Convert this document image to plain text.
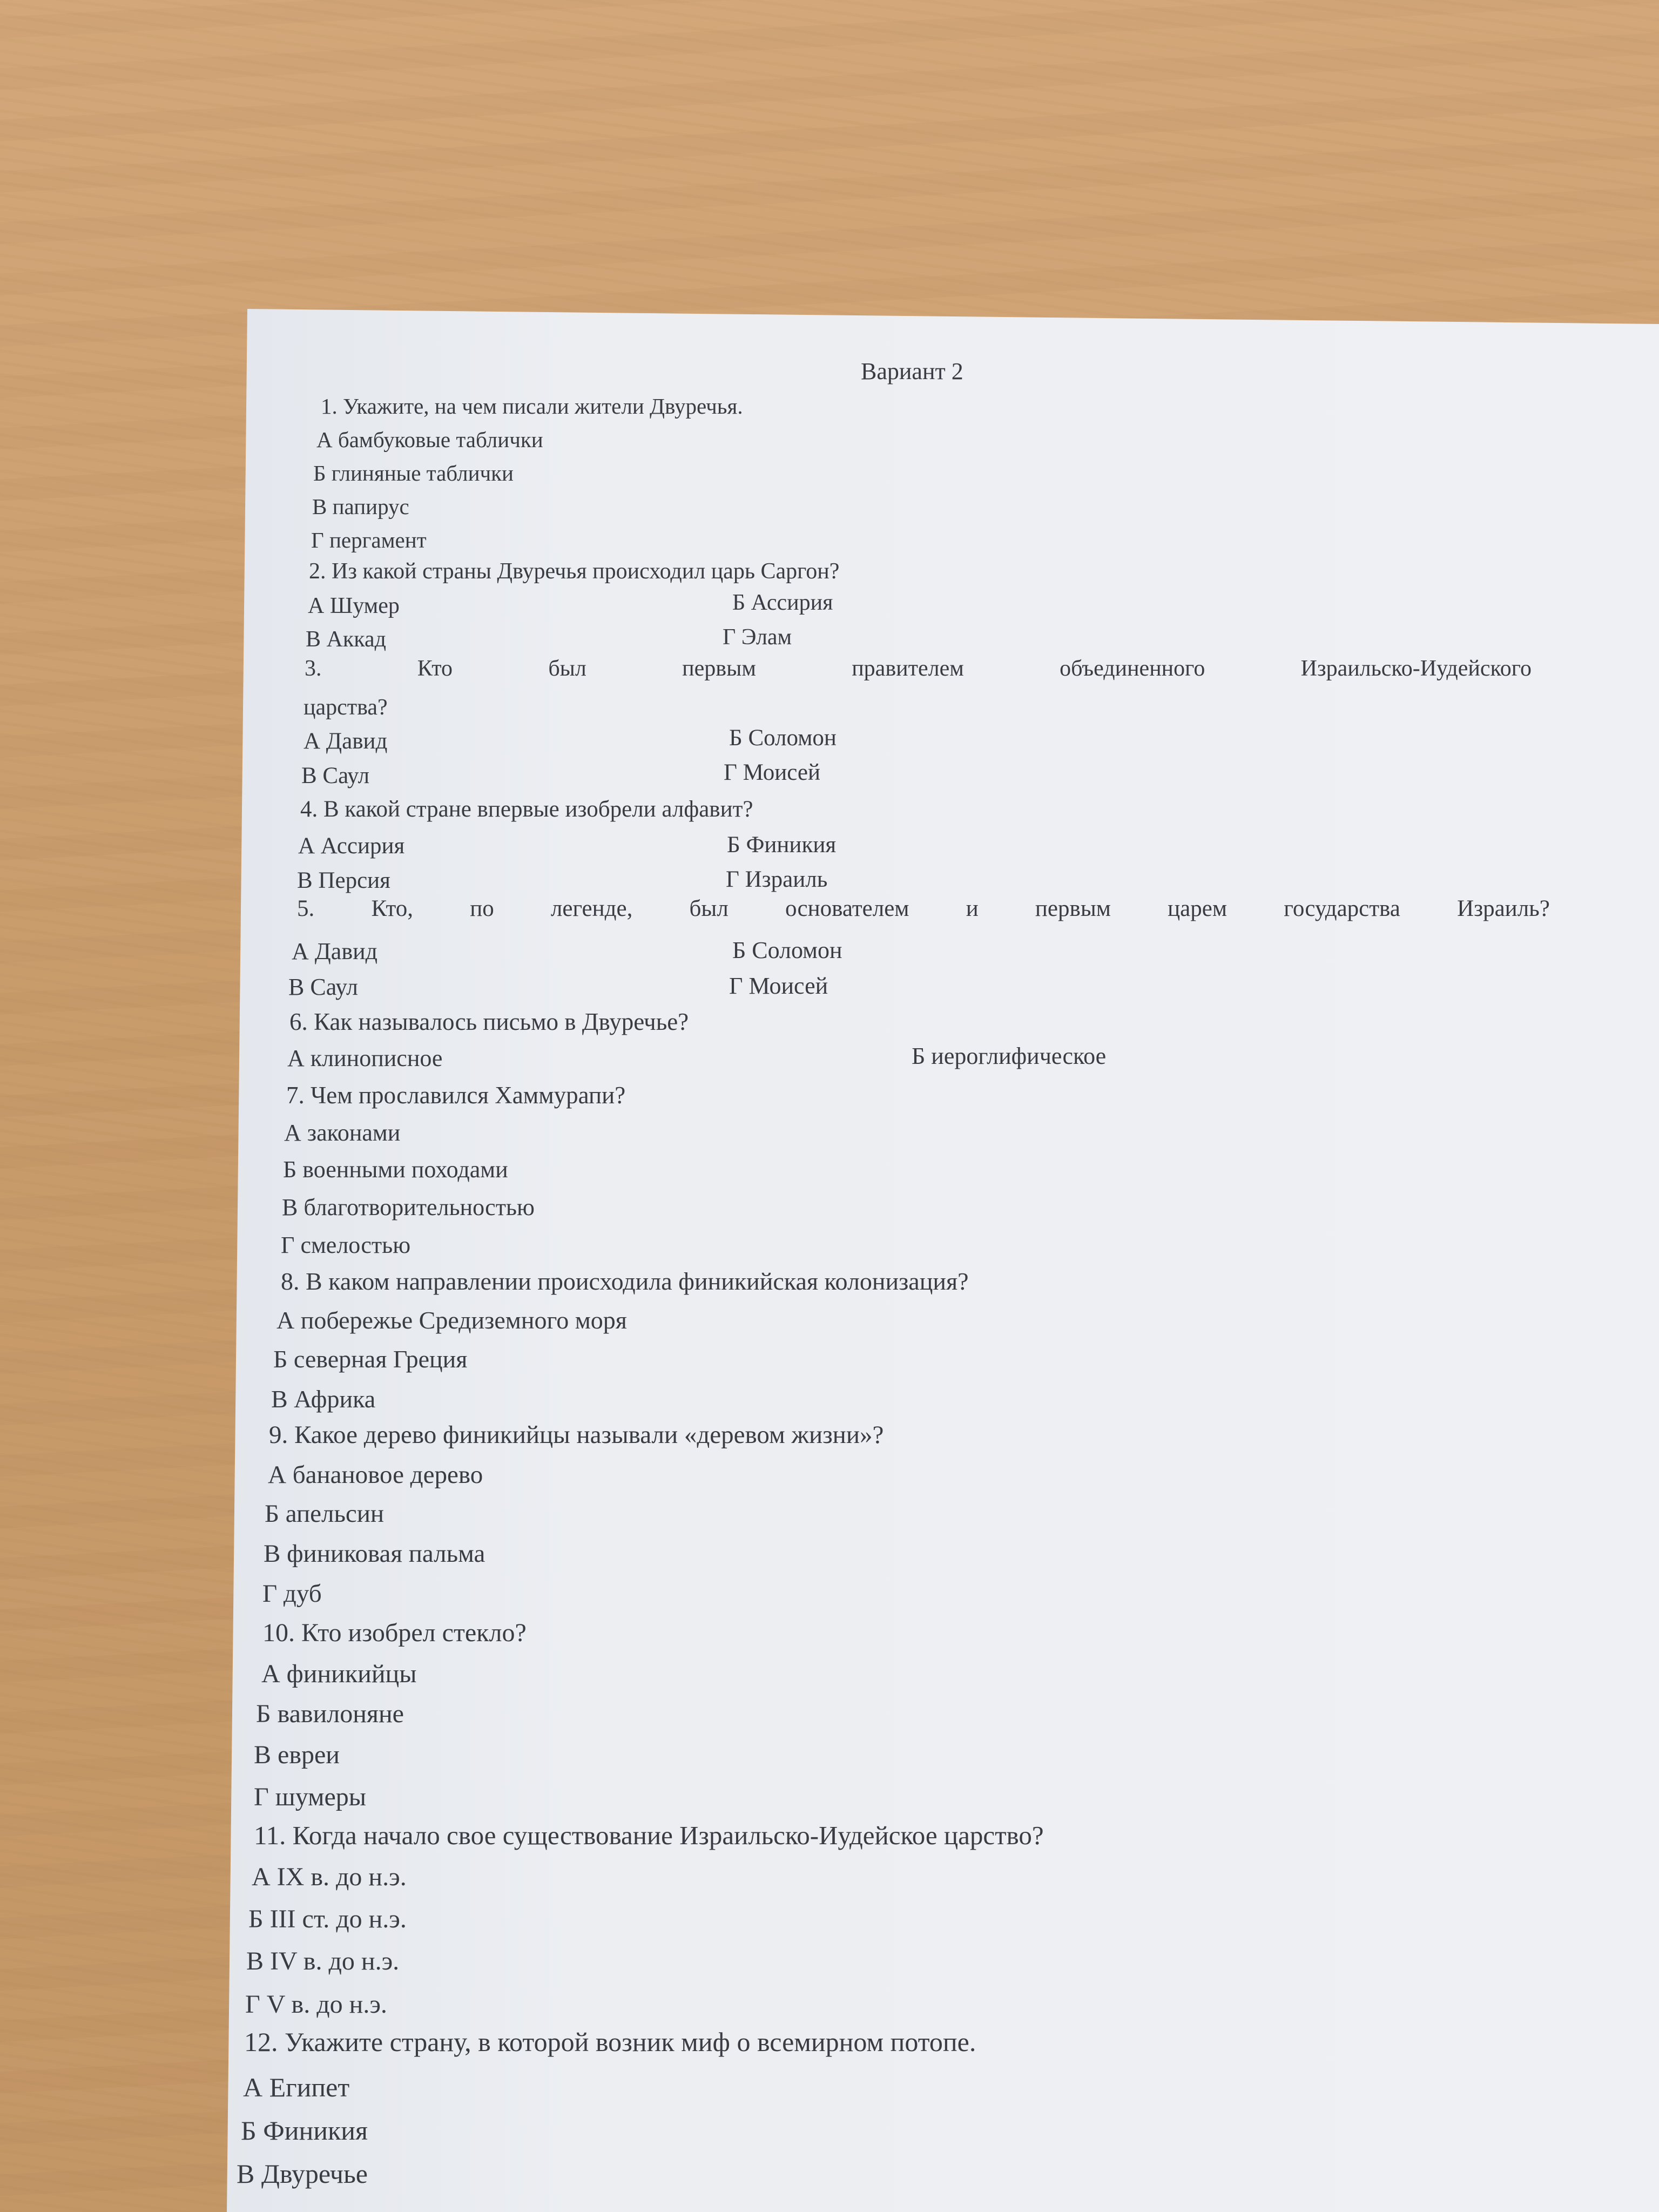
Вариант 2
1. Укажите, на чем писали жители Двуречья.
А бамбуковые таблички
Б глиняные таблички
В папирус
Г пергамент
2. Из какой страны Двуречья происходил царь Саргон?
А Шумер	Б Ассирия
В Аккад	Г Элам
3.	Кто	был	первым	правителем	объединенного	Израильско-Иудейского
царства?
А Давид	Б Соломон
В Саул	Г Моисей
4. В какой стране впервые изобрели алфавит?
А Ассирия	Б Финикия
В Персия	Г Израиль
5. Кто, по легенде, был основателем и первым царем государства Израиль?
А Давид	Б Соломон
В Саул	Г Моисей
6. Как называлось письмо в Двуречье?
А клинописное	Б иероглифическое
7. Чем прославился Хаммурапи?
А законами
Б военными походами
В благотворительностью
Г смелостью
8. В каком направлении происходила финикийская колонизация?
А побережье Средиземного моря
Б северная Греция
В Африка
9. Какое дерево финикийцы называли «деревом жизни»?
А банановое дерево
Б апельсин
В финиковая пальма
Г дуб
10. Кто изобрел стекло?
А финикийцы
Б вавилоняне
В евреи
Г шумеры
11. Когда начало свое существование Израильско-Иудейское царство?
А IX в. до н.э.
Б III ст. до н.э.
В IV в. до н.э.
Г V в. до н.э.
12. Укажите страну, в которой возник миф о всемирном потопе.
А Египет
Б Финикия
В Двуречье
